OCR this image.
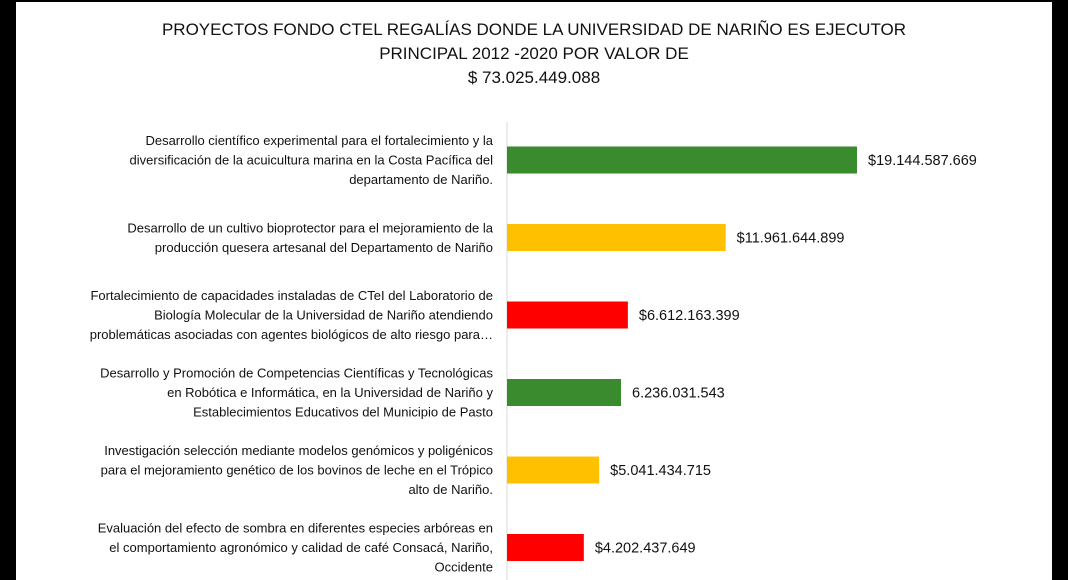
PROYECTOS FONDO CTEL REGALÍAS DONDE LA UNIVERSIDAD DE NARIÑO ES EJECUTOR
PRINCIPAL 2012 -2020 POR VALOR DE
$ 73.025.449.088
$19.144.587.669
Desarrollo científico experimental para el fortalecimiento y la diversificación de la acuicultura marina en la Costa Pacífica del departamento de Nariño.
$11.961.644.899
Desarrollo de un cultivo bioprotector para el mejoramiento de la producción quesera artesanal del Departamento de Nariño
$6.612.163.399
Fortalecimiento de capacidades instaladas de CTeI del Laboratorio de Biología Molecular de la Universidad de Nariño atendiendo problemáticas asociadas con agentes biológicos de alto riesgo para…
6.236.031.543
Desarrollo y Promoción de Competencias Científicas y Tecnológicas en Robótica e Informática, en la Universidad de Nariño y Establecimientos Educativos del Municipio de Pasto
$5.041.434.715
Investigación selección mediante modelos genómicos y poligénicos para el mejoramiento genético de los bovinos de leche en el Trópico alto de Nariño.
$4.202.437.649
Evaluación del efecto de sombra en diferentes especies arbóreas en el comportamiento agronómico y calidad de café Consacá, Nariño, Occidente
